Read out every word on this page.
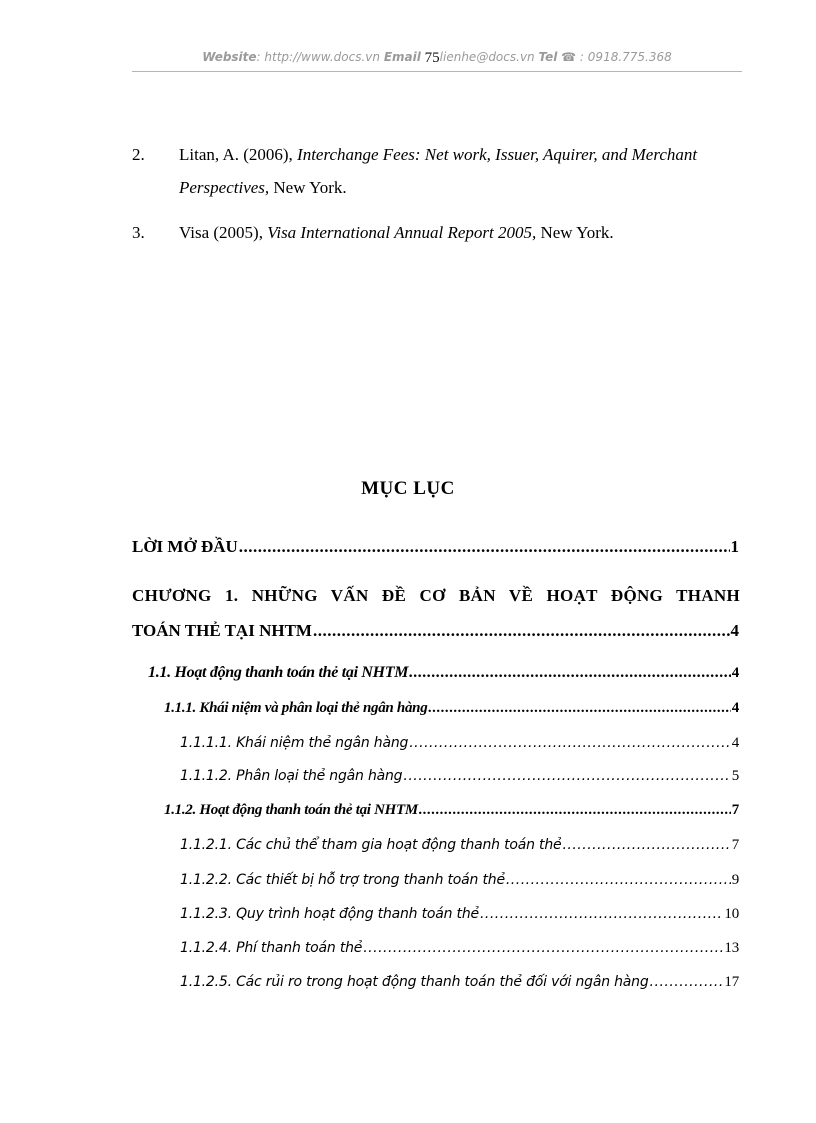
Website: http://www.docs.vn Email 75lienhe@docs.vn Tel ☎ : 0918.775.368
2. Litan, A. (2006), Interchange Fees: Net work, Issuer, Aquirer, and Merchant Perspectives, New York.
3. Visa (2005), Visa International Annual Report 2005, New York.
MỤC LỤC
LỜI MỞ ĐẦU .....	1
CHƯƠNG 1. NHỮNG VẤN ĐỀ CƠ BẢN VỀ HOẠT ĐỘNG THANH
TOÁN THẺ TẠI NHTM .....	4
1.1. Hoạt động thanh toán thẻ tại NHTM .....	4
1.1.1. Khái niệm và phân loại thẻ ngân hàng .....	4
1.1.1.1. Khái niệm thẻ ngân hàng .....	4
1.1.1.2. Phân loại thẻ ngân hàng .....	5
1.1.2. Hoạt động thanh toán thẻ tại NHTM .....	7
1.1.2.1. Các chủ thể tham gia hoạt động thanh toán thẻ .....	7
1.1.2.2. Các thiết bị hỗ trợ trong thanh toán thẻ .....	9
1.1.2.3. Quy trình hoạt động thanh toán thẻ .....	10
1.1.2.4. Phí thanh toán thẻ .....	13
1.1.2.5. Các rủi ro trong hoạt động thanh toán thẻ đối với ngân hàng .....	17
